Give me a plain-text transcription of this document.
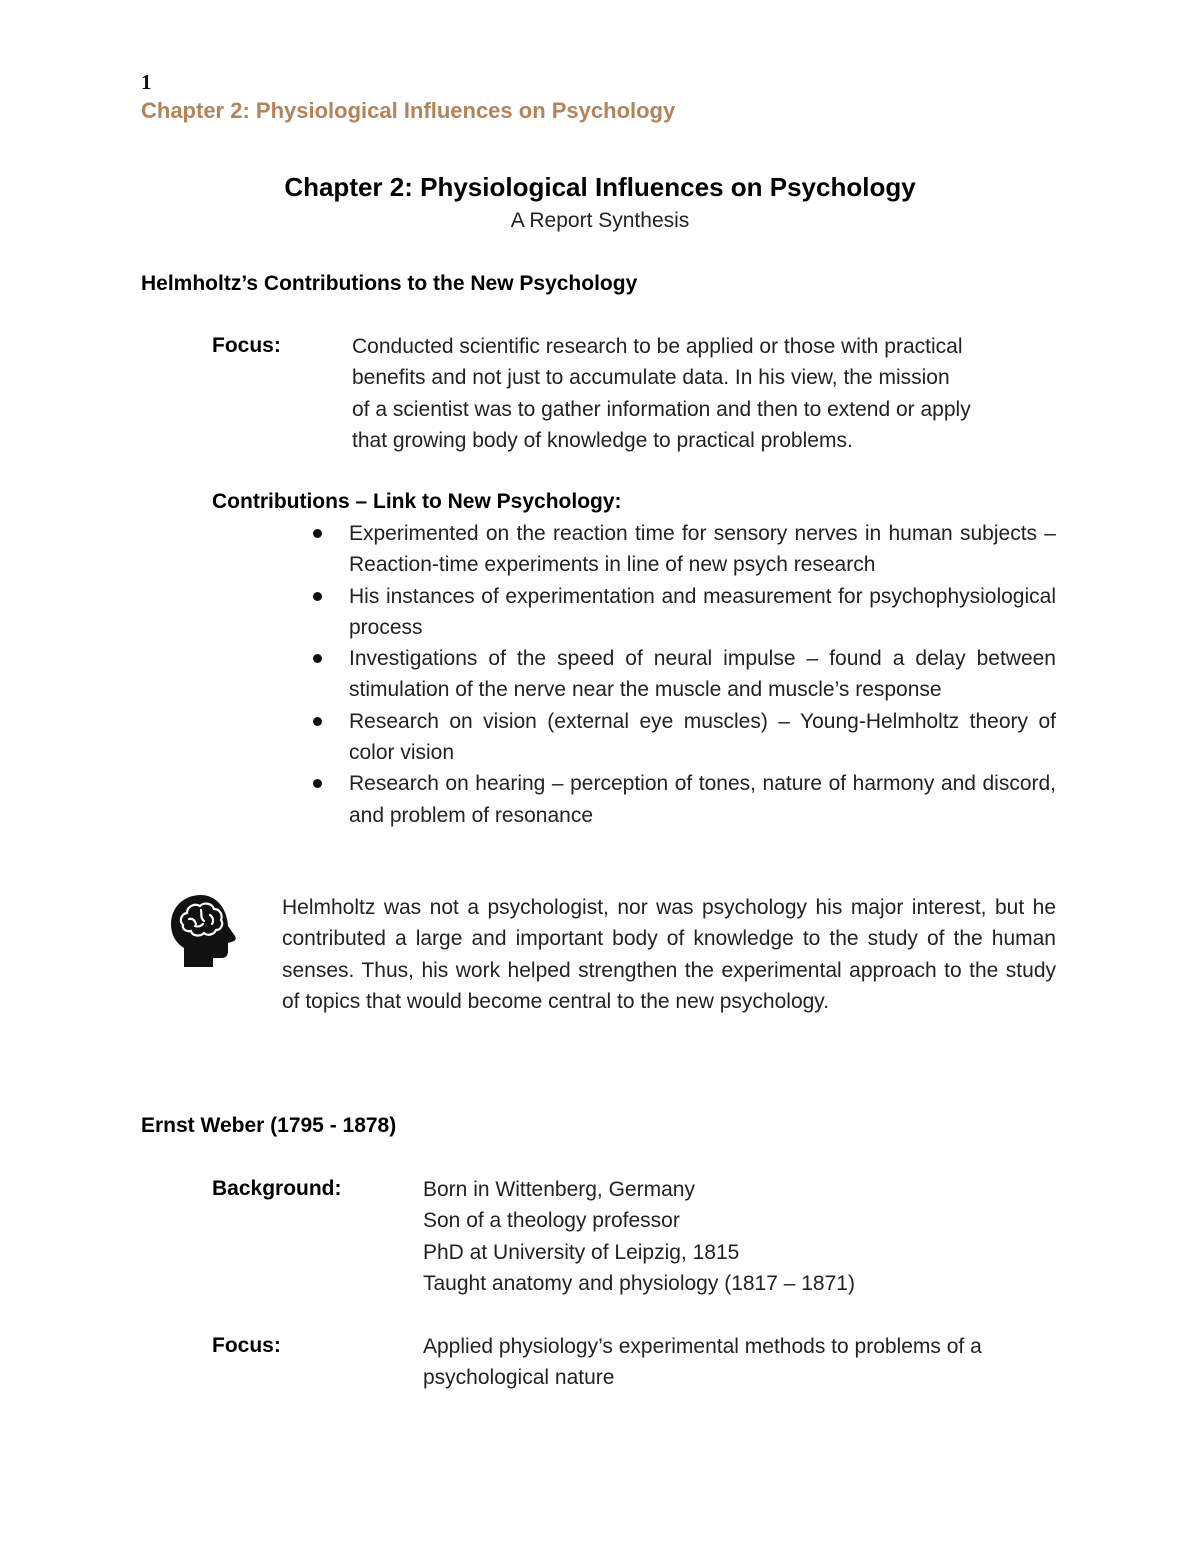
1
Chapter 2: Physiological Influences on Psychology
Chapter 2: Physiological Influences on Psychology
A Report Synthesis
Helmholtz’s Contributions to the New Psychology
Focus:	Conducted scientific research to be applied or those with practical
benefits and not just to accumulate data. In his view, the mission
of a scientist was to gather information and then to extend or apply
that growing body of knowledge to practical problems.
Contributions – Link to New Psychology:
Experimented on the reaction time for sensory nerves in human subjects – Reaction-time experiments in line of new psych research
His instances of experimentation and measurement for psychophysiological process
Investigations of the speed of neural impulse – found a delay between stimulation of the nerve near the muscle and muscle’s response
Research on vision (external eye muscles) – Young-Helmholtz theory of color vision
Research on hearing – perception of tones, nature of harmony and discord, and problem of resonance
Helmholtz was not a psychologist, nor was psychology his major interest, but he contributed a large and important body of knowledge to the study of the human senses. Thus, his work helped strengthen the experimental approach to the study of topics that would become central to the new psychology.
Ernst Weber (1795 - 1878)
Background:	Born in Wittenberg, Germany
Son of a theology professor
PhD at University of Leipzig, 1815
Taught anatomy and physiology (1817 – 1871)
Focus:	Applied physiology’s experimental methods to problems of a
psychological nature
